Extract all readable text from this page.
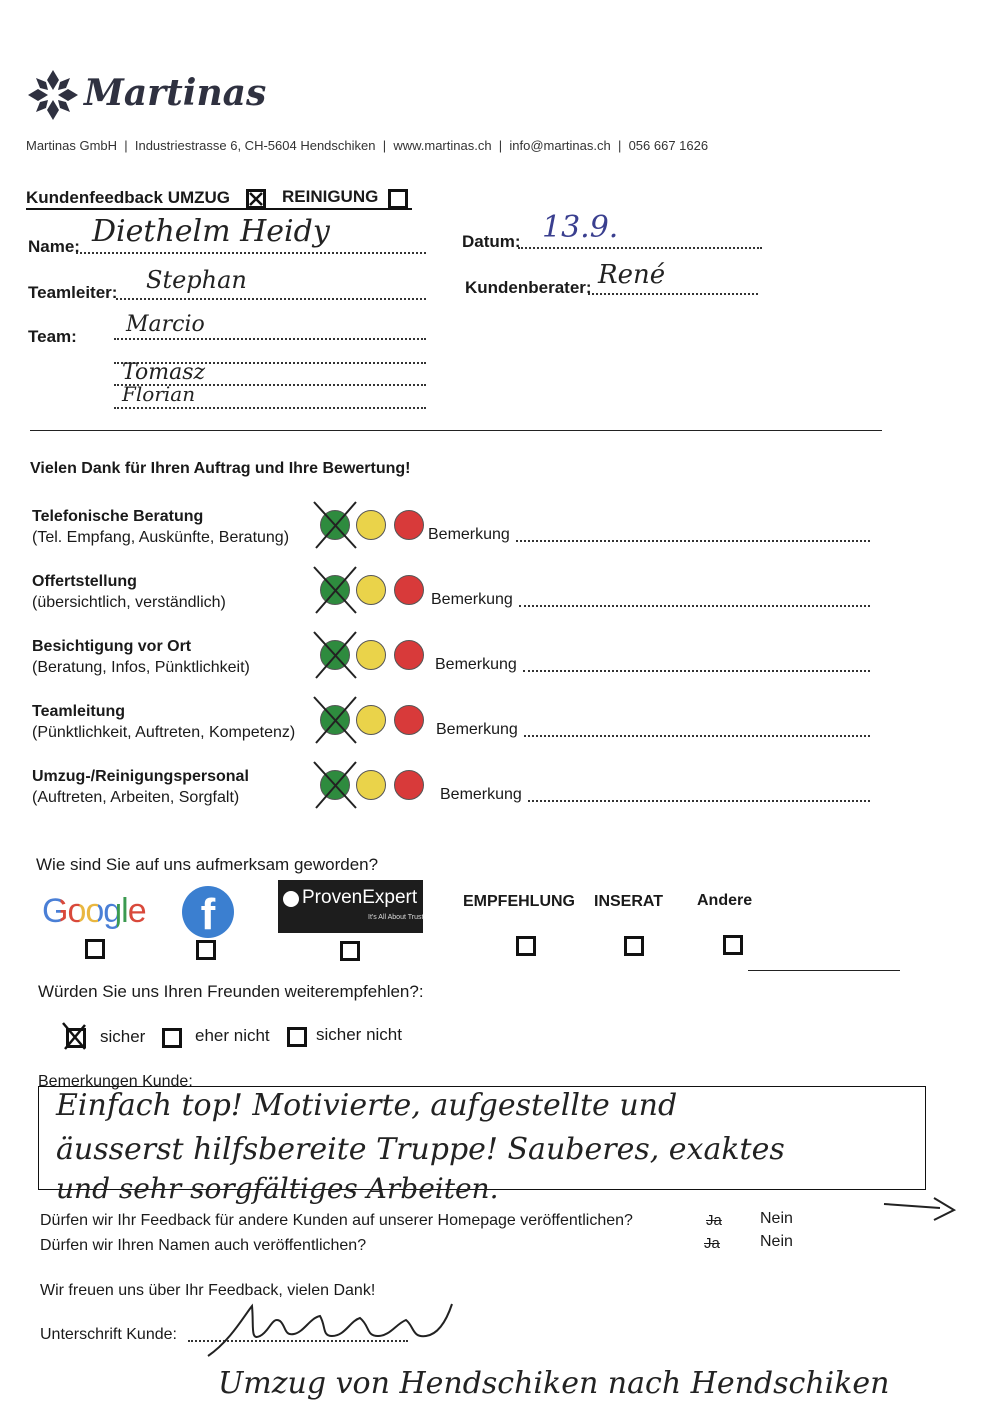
Martinas
Martinas GmbH  |  Industriestrasse 6, CH-5604 Hendschiken  |  www.martinas.ch  |  info@martinas.ch  |  056 667 1626
Kundenfeedback UMZUG	REINIGUNG
Name: Diethelm Heidy	Datum: 13.9.
Teamleiter: Stephan	Kundenberater: René
Team: Marcio
Tomasz
Florian
Vielen Dank für Ihren Auftrag und Ihre Bewertung!
Telefonische Beratung
(Tel. Empfang, Auskünfte, Beratung)	Bemerkung
Offertstellung
(übersichtlich, verständlich)	Bemerkung
Besichtigung vor Ort
(Beratung, Infos, Pünktlichkeit)	Bemerkung
Teamleitung
(Pünktlichkeit, Auftreten, Kompetenz)	Bemerkung
Umzug-/Reinigungspersonal
(Auftreten, Arbeiten, Sorgfalt)	Bemerkung
Wie sind Sie auf uns aufmerksam geworden?
Google	f	ProvenExpert
It's All About Trust
EMPFEHLUNG INSERAT Andere
Würden Sie uns Ihren Freunden weiterempfehlen?:
sicher	eher nicht	sicher nicht
Bemerkungen Kunde:
Einfach top! Motivierte, aufgestellte und
äusserst hilfsbereite Truppe! Sauberes, exaktes
und sehr sorgfältiges Arbeiten.
Dürfen wir Ihr Feedback für andere Kunden auf unserer Homepage veröffentlichen?	Ja Nein
Dürfen wir Ihren Namen auch veröffentlichen?	Ja	Nein
Wir freuen uns über Ihr Feedback, vielen Dank!
Unterschrift Kunde:
Umzug von Hendschiken nach Hendschiken
